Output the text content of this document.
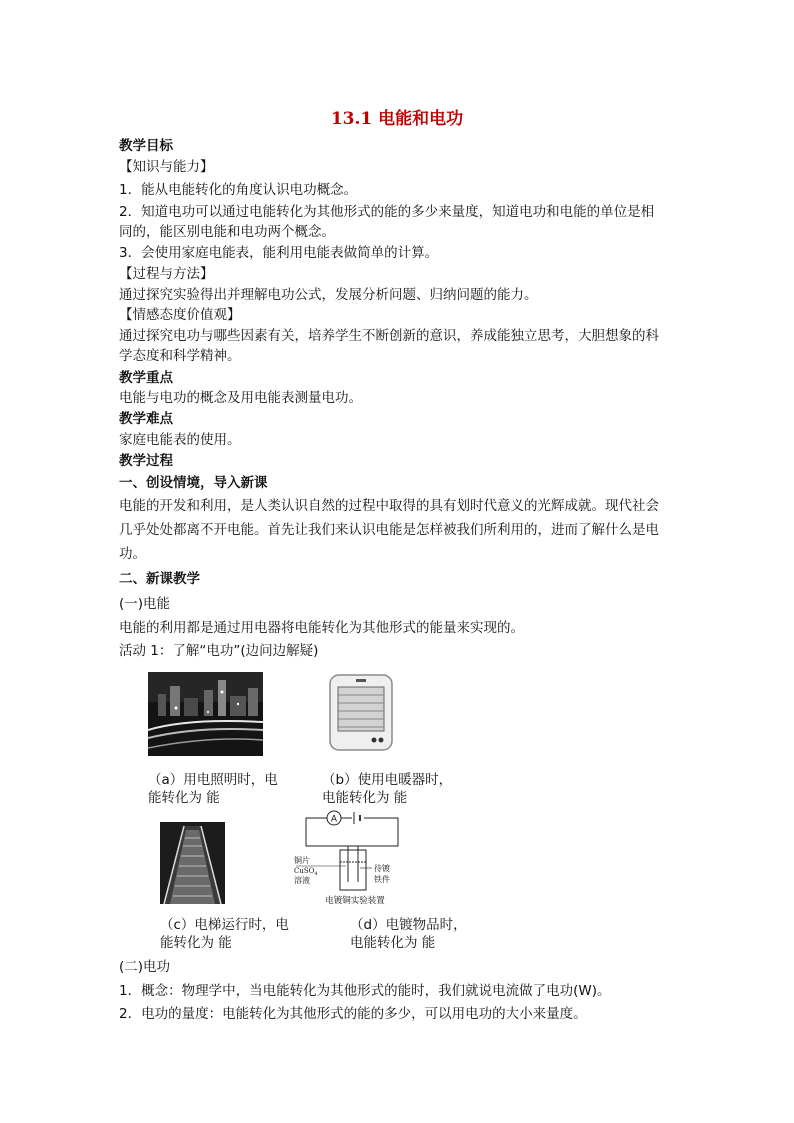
13.1 电能和电功
教学目标
【知识与能力】
1．能从电能转化的角度认识电功概念。
2．知道电功可以通过电能转化为其他形式的能的多少来量度，知道电功和电能的单位是相
同的，能区别电能和电功两个概念。
3．会使用家庭电能表，能利用电能表做简单的计算。
【过程与方法】
通过探究实验得出并理解电功公式，发展分析问题、归纳问题的能力。
【情感态度价值观】
通过探究电功与哪些因素有关，培养学生不断创新的意识，养成能独立思考，大胆想象的科
学态度和科学精神。
教学重点
电能与电功的概念及用电能表测量电功。
教学难点
家庭电能表的使用。
教学过程
一、创设情境，导入新课
电能的开发和利用，是人类认识自然的过程中取得的具有划时代意义的光辉成就。现代社会
几乎处处都离不开电能。首先让我们来认识电能是怎样被我们所利用的，进而了解什么是电
功。
二、新课教学
(一)电能
电能的利用都是通过用电器将电能转化为其他形式的能量来实现的。
活动 1：了解“电功”(边问边解疑)
（a）用电照明时，电
能转化为 能
（b）使用电暖器时，
电能转化为 能
A
铜片
CuSO$_4$
溶液
待镀
铁件
电镀铜实验装置
（c）电梯运行时，电
能转化为 能
（d）电镀物品时，
电能转化为 能
(二)电功
1．概念：物理学中，当电能转化为其他形式的能时，我们就说电流做了电功(W)。
2．电功的量度：电能转化为其他形式的能的多少，可以用电功的大小来量度。
